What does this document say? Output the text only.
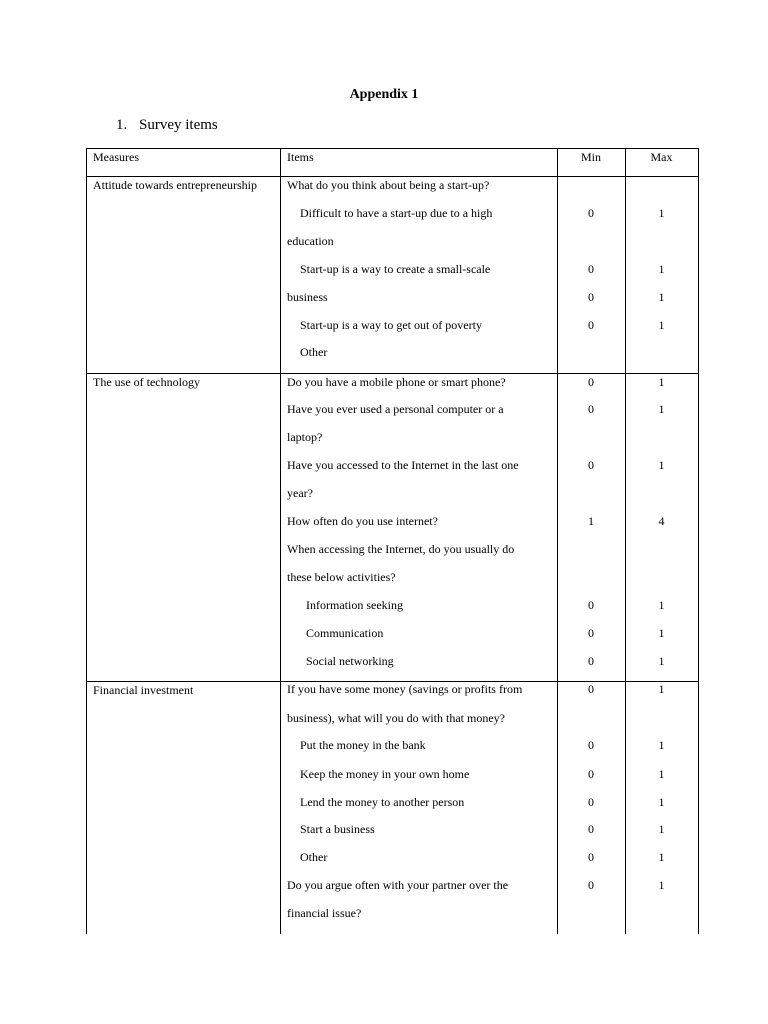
Appendix 1
1. Survey items
Measures	Items	Min	Max
Attitude towards entrepreneurship	What do you think about being a start-up?
Difficult to have a start-up due to a high	0	1
education
Start-up is a way to create a small-scale	0	1
business	0	1
Start-up is a way to get out of poverty	0	1
Other
The use of technology	Do you have a mobile phone or smart phone?	0	1
Have you ever used a personal computer or a	0	1
laptop?
Have you accessed to the Internet in the last one	0	1
year?
How often do you use internet?	1	4
When accessing the Internet, do you usually do
these below activities?
Information seeking	0	1
Communication	0	1
Social networking	0	1
Financial investment	If you have some money (savings or profits from	0	1
business), what will you do with that money?
Put the money in the bank	0	1
Keep the money in your own home	0	1
Lend the money to another person	0	1
Start a business	0	1
Other	0	1
Do you argue often with your partner over the	0	1
financial issue?
